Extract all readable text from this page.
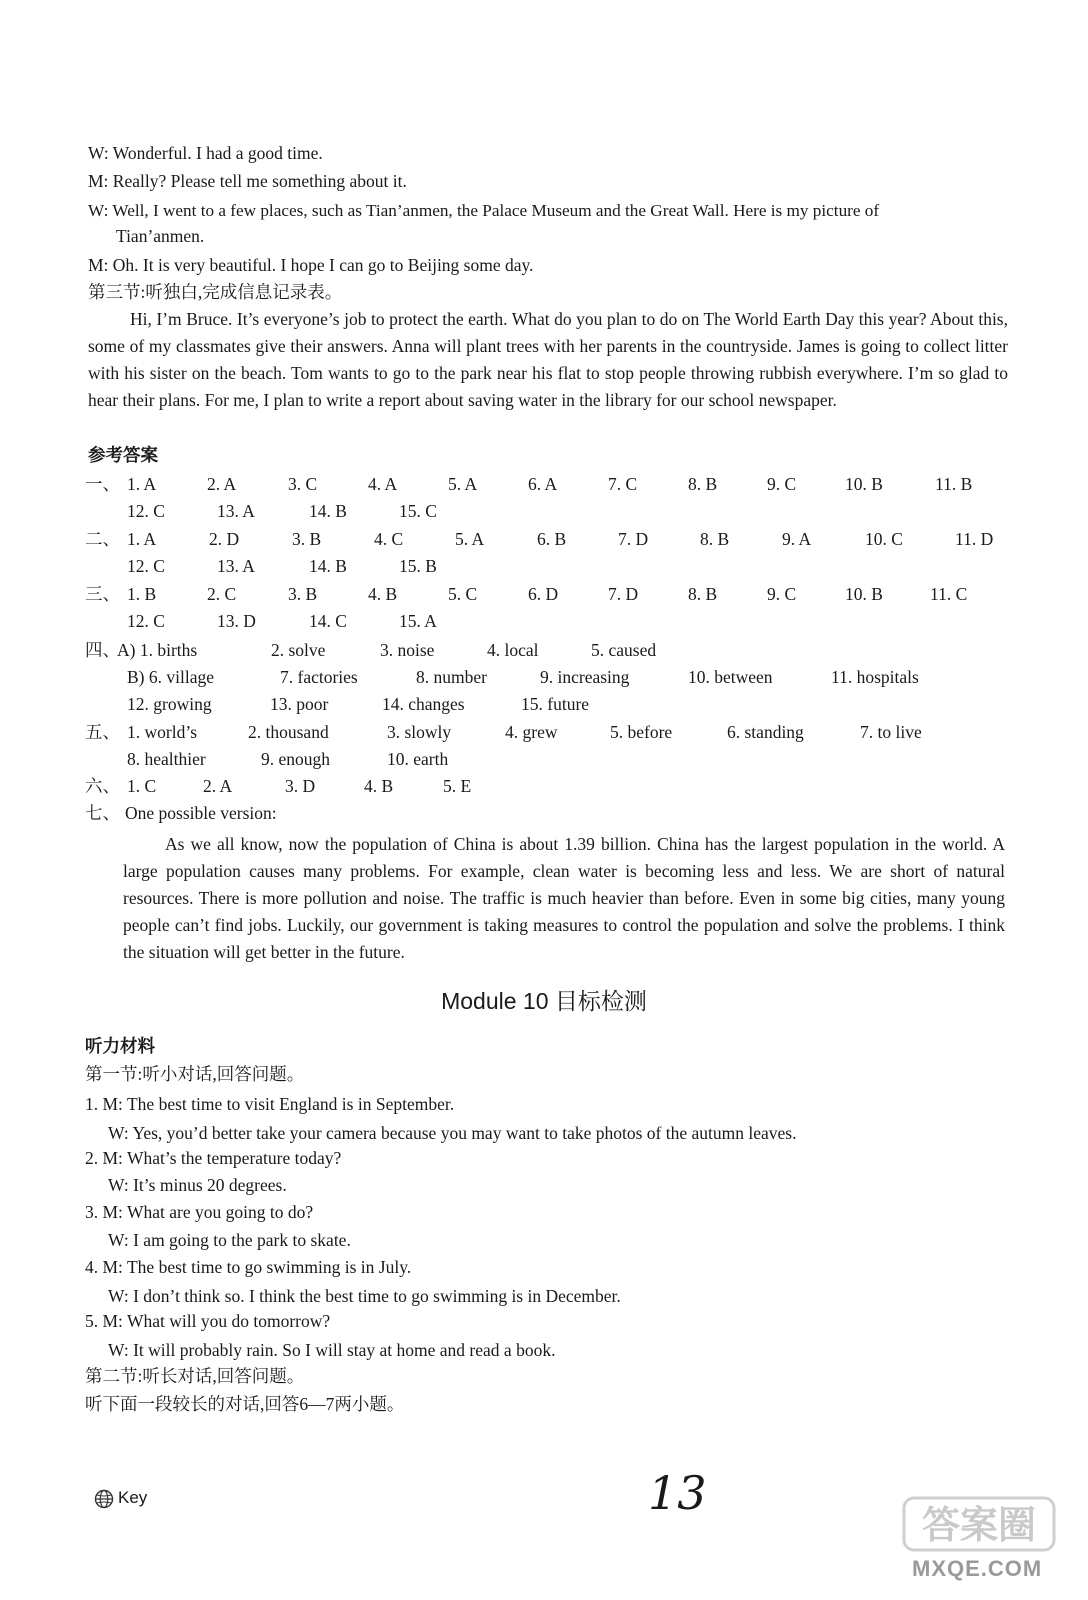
W: Wonderful. I had a good time.
M: Really? Please tell me something about it.
W: Well, I went to a few places, such as Tian’anmen, the Palace Museum and the Great Wall. Here is my picture of
Tian’anmen.
M: Oh. It is very beautiful. I hope I can go to Beijing some day.
第三节:听独白,完成信息记录表。
Hi, I’m Bruce. It’s everyone’s job to protect the earth. What do you plan to do on The World Earth Day this year? About this, some of my classmates give their answers. Anna will plant trees with her parents in the countryside. James is going to collect litter with his sister on the beach. Tom wants to go to the park near his flat to stop people throwing rubbish everywhere. I’m so glad to hear their plans. For me, I plan to write a report about saving water in the library for our school newspaper.
参考答案
一、 1. A	2. A	3. C	4. A	5. A	6. A	7. C	8. B	9. C	10. B	11. B
12. C	13. A	14. B	15. C
二、 1. A	2. D	3. B	4. C	5. A	6. B	7. D	8. B	9. A	10. C	11. D
12. C	13. A	14. B	15. B
三、 1. B	2. C	3. B	4. B	5. C	6. D	7. D	8. B	9. C	10. B	11. C
12. C	13. D	14. C	15. A
四、
A) 1. births	2. solve	3. noise	4. local	5. caused
B) 6. village	7. factories	8. number	9. increasing	10. between	11. hospitals
12. growing	13. poor	14. changes	15. future
五、 1. world’s	2. thousand	3. slowly	4. grew	5. before	6. standing	7. to live
8. healthier	9. enough	10. earth
六、 1. C	2. A	3. D	4. B	5. E
七、 One possible version:
As we all know, now the population of China is about 1.39 billion. China has the largest population in the world. A large population causes many problems. For example, clean water is becoming less and less. We are short of natural resources. There is more pollution and noise. The traffic is much heavier than before. Even in some big cities, many young people can’t find jobs. Luckily, our government is taking measures to control the population and solve the problems. I think the situation will get better in the future.
Module 10 目标检测
听力材料
第一节:听小对话,回答问题。
1. M: The best time to visit England is in September.
W: Yes, you’d better take your camera because you may want to take photos of the autumn leaves.
2. M: What’s the temperature today?
W: It’s minus 20 degrees.
3. M: What are you going to do?
W: I am going to the park to skate.
4. M: The best time to go swimming is in July.
W: I don’t think so. I think the best time to go swimming is in December.
5. M: What will you do tomorrow?
W: It will probably rain. So I will stay at home and read a book.
第二节:听长对话,回答问题。
听下面一段较长的对话,回答6—7两小题。
Key	13
答案圈
MXQE.COM
